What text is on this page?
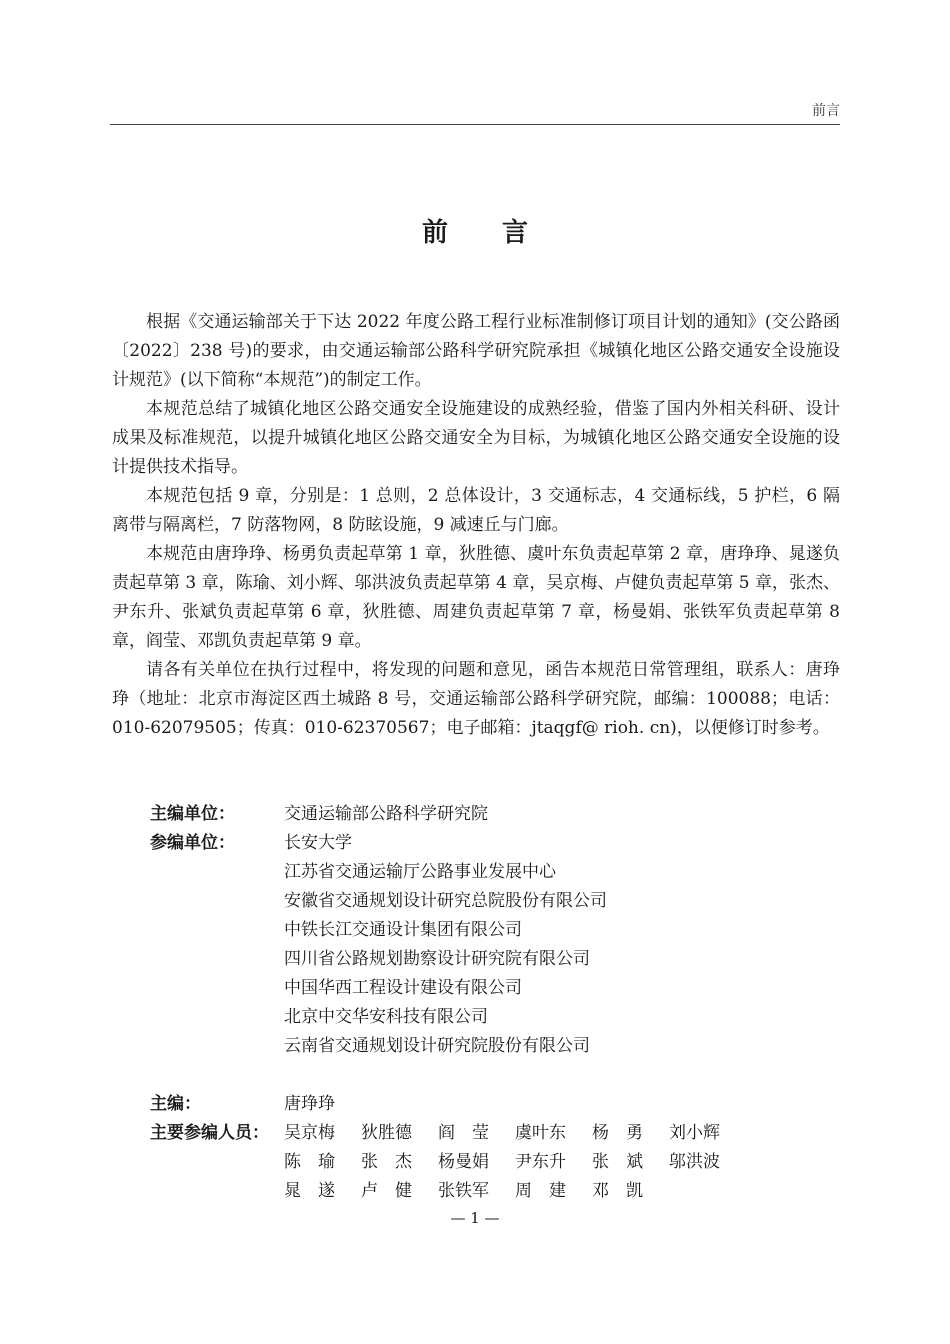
前言
前言

根据《交通运输部关于下达 2022 年度公路工程行业标准制修订项目计划的通知》(交公路函〔2022〕238 号)的要求，由交通运输部公路科学研究院承担《城镇化地区公路交通安全设施设计规范》(以下简称“本规范”)的制定工作。

本规范总结了城镇化地区公路交通安全设施建设的成熟经验，借鉴了国内外相关科研、设计成果及标准规范，以提升城镇化地区公路交通安全为目标，为城镇化地区公路交通安全设施的设计提供技术指导。

本规范包括 9 章，分别是：1 总则，2 总体设计，3 交通标志，4 交通标线，5 护栏，6 隔离带与隔离栏，7 防落物网，8 防眩设施，9 减速丘与门廊。

本规范由唐琤琤、杨勇负责起草第 1 章，狄胜德、虞叶东负责起草第 2 章，唐琤琤、晁遂负责起草第 3 章，陈瑜、刘小辉、邬洪波负责起草第 4 章，吴京梅、卢健负责起草第 5 章，张杰、尹东升、张斌负责起草第 6 章，狄胜德、周建负责起草第 7 章，杨曼娟、张铁军负责起草第 8 章，阎莹、邓凯负责起草第 9 章。

请各有关单位在执行过程中，将发现的问题和意见，函告本规范日常管理组，联系人：唐琤琤（地址：北京市海淀区西土城路 8 号，交通运输部公路科学研究院，邮编：100088；电话：010-62079505；传真：010-62370567；电子邮箱：jtaqgf@ rioh. cn)，以便修订时参考。

主编单位：	交通运输部公路科学研究院
参编单位：	长安大学
江苏省交通运输厅公路事业发展中心
安徽省交通规划设计研究总院股份有限公司
中铁长江交通设计集团有限公司
四川省公路规划勘察设计研究院有限公司
中国华西工程设计建设有限公司
北京中交华安科技有限公司
云南省交通规划设计研究院股份有限公司
主编：	唐琤琤
主要参编人员： 吴京梅	狄胜德	阎　莹	虞叶东	杨　勇	刘小辉
陈　瑜	张　杰	杨曼娟	尹东升	张　斌	邬洪波
晁　遂	卢　健	张铁军	周　建	邓　凯
— 1 —
